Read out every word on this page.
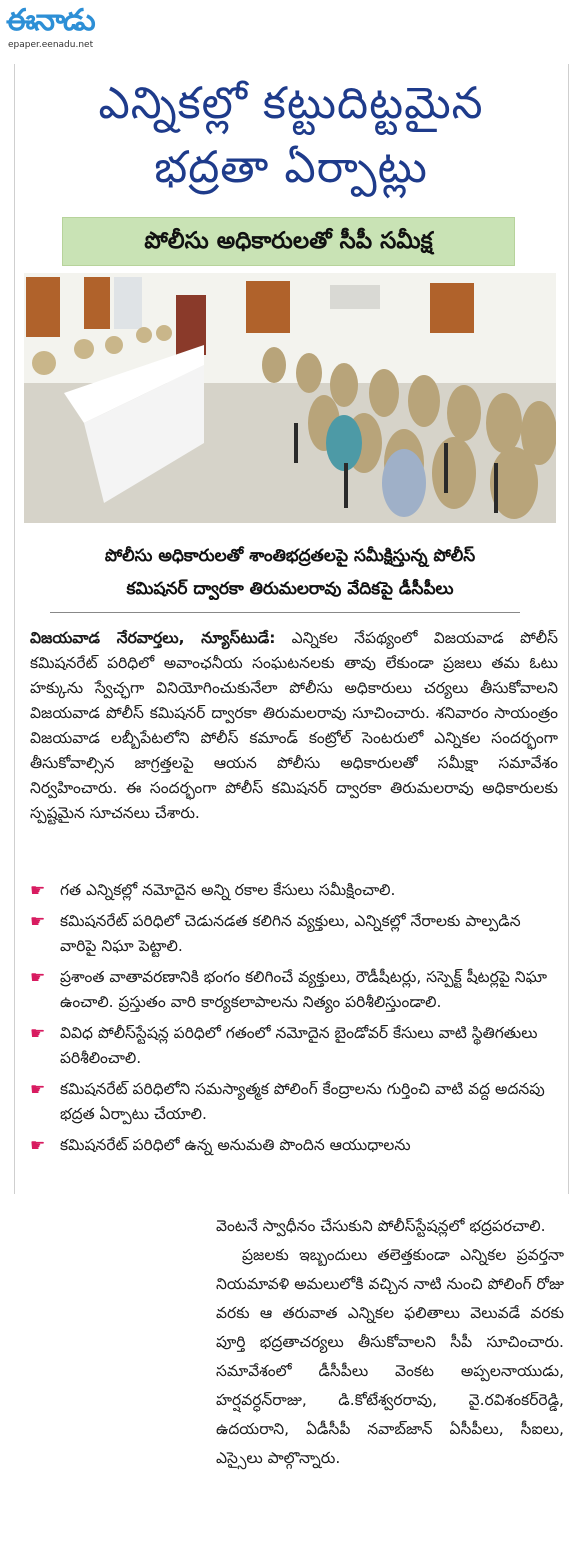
ఈనాడు
epaper.eenadu.net
ఎన్నికల్లో కట్టుదిట్టమైన
భద్రతా ఏర్పాట్లు
పోలీసు అధికారులతో సీపీ సమీక్ష
పోలీసు అధికారులతో శాంతిభద్రతలపై సమీక్షిస్తున్న పోలీస్
కమిషనర్ ద్వారకా తిరుమలరావు వేదికపై డీసీపీలు
విజయవాడ నేరవార్తలు, న్యూస్‌టుడే: ఎన్నికల నేపథ్యంలో విజయవాడ పోలీస్ కమిషనరేట్ పరిధిలో అవాంఛనీయ సంఘటనలకు తావు లేకుండా ప్రజలు తమ ఓటు హక్కును స్వేచ్ఛగా వినియోగించుకునేలా పోలీసు అధికారులు చర్యలు తీసుకోవాలని విజయవాడ పోలీస్ కమిషనర్ ద్వారకా తిరుమలరావు సూచించారు. శనివారం సాయంత్రం విజయవాడ లబ్బీపేటలోని పోలీస్ కమాండ్ కంట్రోల్ సెంటరులో ఎన్నికల సందర్భంగా తీసుకోవాల్సిన జాగ్రత్తలపై ఆయన పోలీసు అధికారులతో సమీక్షా సమావేశం నిర్వహించారు. ఈ సందర్భంగా పోలీస్ కమిషనర్ ద్వారకా తిరుమలరావు అధికారులకు స్పష్టమైన సూచనలు చేశారు.
☛ గత ఎన్నికల్లో నమోదైన అన్ని రకాల కేసులు సమీక్షించాలి.
☛ కమిషనరేట్ పరిధిలో చెడునడత కలిగిన వ్యక్తులు, ఎన్నికల్లో నేరాలకు పాల్పడిన వారిపై నిఘా పెట్టాలి.
☛ ప్రశాంత వాతావరణానికి భంగం కలిగించే వ్యక్తులు, రౌడీషీటర్లు, సస్పెక్ట్ షీటర్లపై నిఘా ఉంచాలి. ప్రస్తుతం వారి కార్యకలాపాలను నిత్యం పరిశీలిస్తుండాలి.
☛ వివిధ పోలీస్‌స్టేషన్ల పరిధిలో గతంలో నమోదైన బైండోవర్ కేసులు వాటి స్థితిగతులు పరిశీలించాలి.
☛ కమిషనరేట్ పరిధిలోని సమస్యాత్మక పోలింగ్ కేంద్రాలను గుర్తించి వాటి వద్ద అదనపు భద్రత ఏర్పాటు చేయాలి.
☛ కమిషనరేట్ పరిధిలో ఉన్న అనుమతి పొందిన ఆయుధాలను

వెంటనే స్వాధీనం చేసుకుని పోలీస్‌స్టేషన్లలో భద్రపరచాలి.

ప్రజలకు ఇబ్బందులు తలెత్తకుండా ఎన్నికల ప్రవర్తనా నియమావళి అమలులోకి వచ్చిన నాటి నుంచి పోలింగ్ రోజు వరకు ఆ తరువాత ఎన్నికల ఫలితాలు వెలువడే వరకు పూర్తి భద్రతాచర్యలు తీసుకోవాలని సీపీ సూచించారు. సమావేశంలో డీసీపీలు వెంకట అప్పలనాయుడు, హర్షవర్ధన్‌రాజు, డి.కోటేశ్వరరావు, వై.రవిశంకర్‌రెడ్డి, ఉదయరాని, ఏడీసీపీ నవాబ్‌జాన్ ఏసీపీలు, సీఐలు, ఎస్సైలు పాల్గొన్నారు.
